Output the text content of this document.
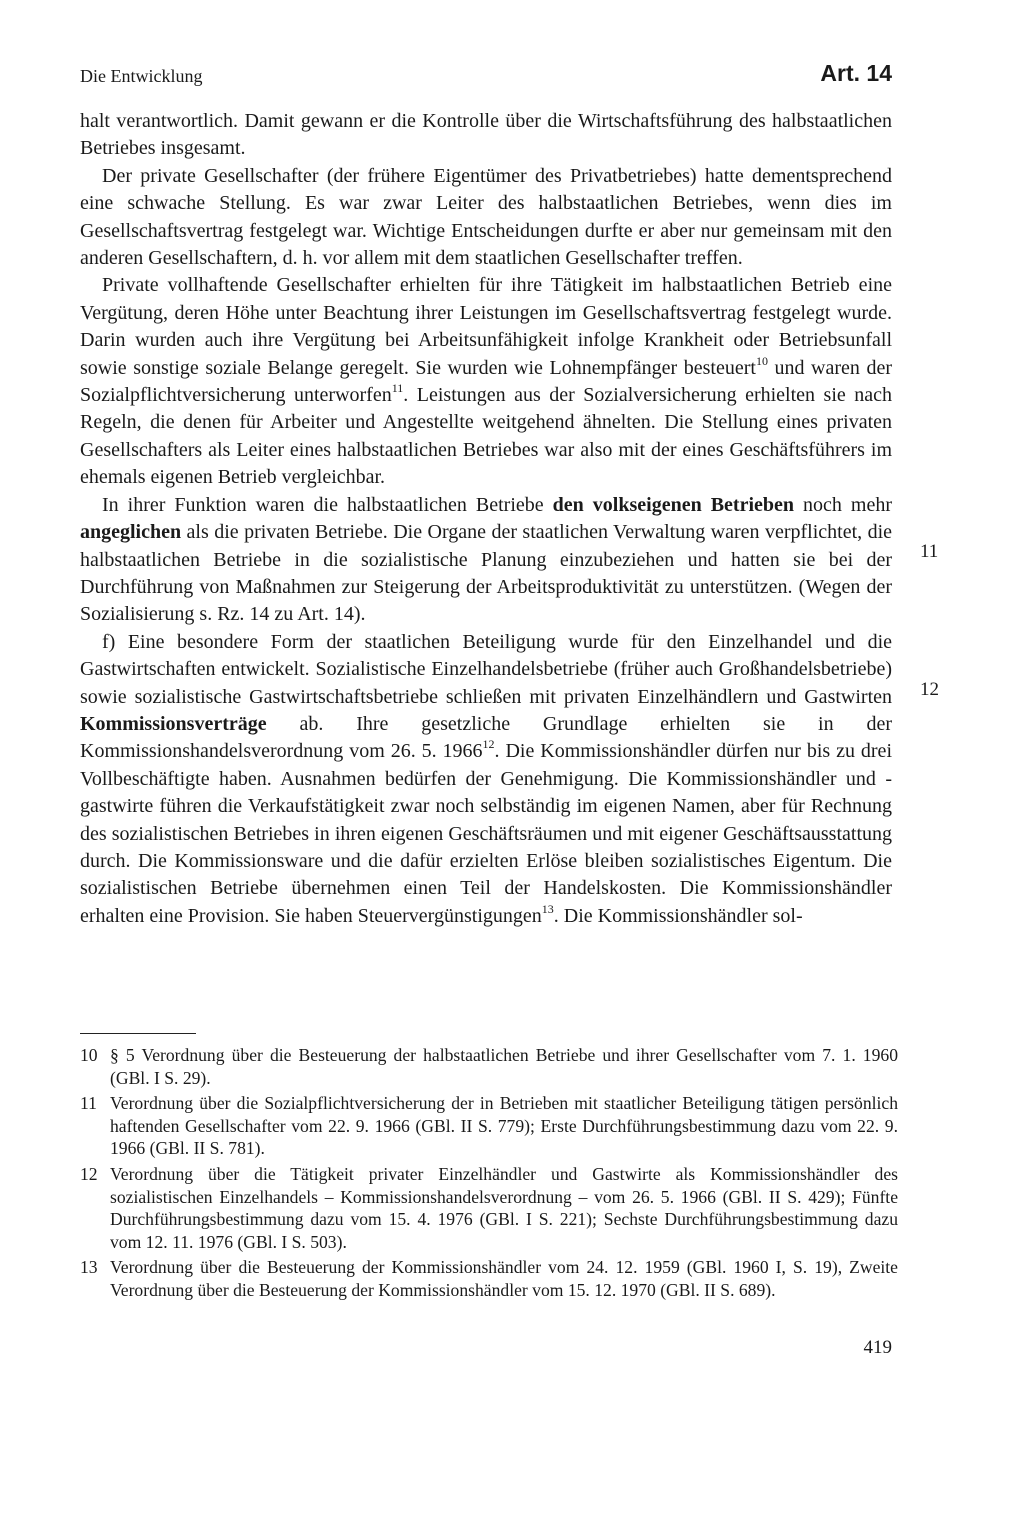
Die Entwicklung	Art. 14

halt verantwortlich. Damit gewann er die Kontrolle über die Wirtschaftsführung des halbstaatlichen Betriebes insgesamt.

Der private Gesellschafter (der frühere Eigentümer des Privatbetriebes) hatte dementsprechend eine schwache Stellung. Es war zwar Leiter des halbstaatlichen Betriebes, wenn dies im Gesellschaftsvertrag festgelegt war. Wichtige Entscheidungen durfte er aber nur gemeinsam mit den anderen Gesellschaftern, d. h. vor allem mit dem staatlichen Gesellschafter treffen.

Private vollhaftende Gesellschafter erhielten für ihre Tätigkeit im halbstaatlichen Betrieb eine Vergütung, deren Höhe unter Beachtung ihrer Leistungen im Gesellschaftsvertrag festgelegt wurde. Darin wurden auch ihre Vergütung bei Arbeitsunfähigkeit infolge Krankheit oder Betriebsunfall sowie sonstige soziale Belange geregelt. Sie wurden wie Lohnempfänger besteuert$^{10}$ und waren der Sozialpflichtversicherung unterworfen$^{11}$. Leistungen aus der Sozialversicherung erhielten sie nach Regeln, die denen für Arbeiter und Angestellte weitgehend ähnelten. Die Stellung eines privaten Gesellschafters als Leiter eines halbstaatlichen Betriebes war also mit der eines Geschäftsführers im ehemals eigenen Betrieb vergleichbar.

In ihrer Funktion waren die halbstaatlichen Betriebe den volkseigenen Betrieben noch mehr angeglichen als die privaten Betriebe. Die Organe der staatlichen Verwaltung waren verpflichtet, die halbstaatlichen Betriebe in die sozialistische Planung einzubeziehen und hatten sie bei der Durchführung von Maßnahmen zur Steigerung der Arbeitsproduktivität zu unterstützen. (Wegen der Sozialisierung s. Rz. 14 zu Art. 14).

f) Eine besondere Form der staatlichen Beteiligung wurde für den Einzelhandel und die Gastwirtschaften entwickelt. Sozialistische Einzelhandelsbetriebe (früher auch Großhandelsbetriebe) sowie sozialistische Gastwirtschaftsbetriebe schließen mit privaten Einzelhändlern und Gastwirten Kommissionsverträge ab. Ihre gesetzliche Grundlage erhielten sie in der Kommissionshandelsverordnung vom 26. 5. 1966$^{12}$. Die Kommissionshändler dürfen nur bis zu drei Vollbeschäftigte haben. Ausnahmen bedürfen der Genehmigung. Die Kommissionshändler und -gastwirte führen die Verkaufstätigkeit zwar noch selbständig im eigenen Namen, aber für Rechnung des sozialistischen Betriebes in ihren eigenen Geschäftsräumen und mit eigener Geschäftsausstattung durch. Die Kommissionsware und die dafür erzielten Erlöse bleiben sozialistisches Eigentum. Die sozialistischen Betriebe übernehmen einen Teil der Handelskosten. Die Kommissionshändler erhalten eine Provision. Sie haben Steuervergünstigungen$^{13}$. Die Kommissionshändler sol-

11
12

10 § 5 Verordnung über die Besteuerung der halbstaatlichen Betriebe und ihrer Gesellschafter vom 7. 1. 1960 (GBl. I S. 29).

11 Verordnung über die Sozialpflichtversicherung der in Betrieben mit staatlicher Beteiligung tätigen persönlich haftenden Gesellschafter vom 22. 9. 1966 (GBl. II S. 779); Erste Durchführungsbestimmung dazu vom 22. 9. 1966 (GBl. II S. 781).

12 Verordnung über die Tätigkeit privater Einzelhändler und Gastwirte als Kommissionshändler des sozialistischen Einzelhandels – Kommissionshandelsverordnung – vom 26. 5. 1966 (GBl. II S. 429); Fünfte Durchführungsbestimmung dazu vom 15. 4. 1976 (GBl. I S. 221); Sechste Durchführungsbestimmung dazu vom 12. 11. 1976 (GBl. I S. 503).

13 Verordnung über die Besteuerung der Kommissionshändler vom 24. 12. 1959 (GBl. 1960 I, S. 19), Zweite Verordnung über die Besteuerung der Kommissionshändler vom 15. 12. 1970 (GBl. II S. 689).

419
